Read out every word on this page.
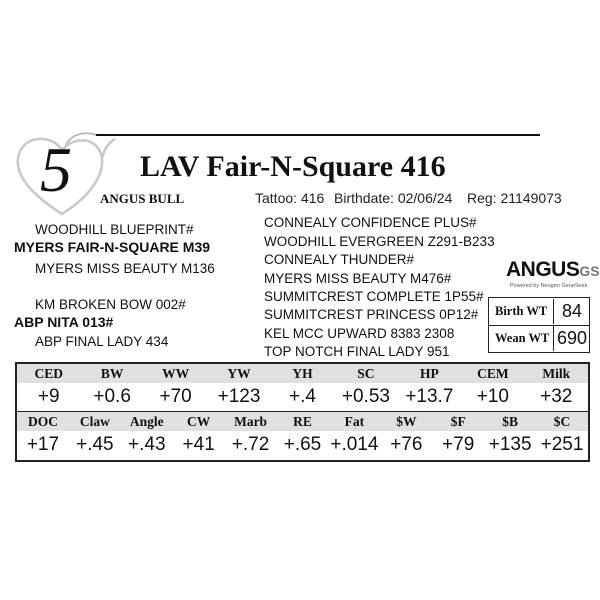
5	LAV Fair-N-Square 416
ANGUS BULL	Tattoo: 416 Birthdate: 02/06/24 Reg: 21149073
WOODHILL BLUEPRINT#
MYERS FAIR-N-SQUARE M39
MYERS MISS BEAUTY M136
KM BROKEN BOW 002#
ABP NITA 013#
ABP FINAL LADY 434
CONNEALY CONFIDENCE PLUS#
WOODHILL EVERGREEN Z291-B233
CONNEALY THUNDER#
MYERS MISS BEAUTY M476#
SUMMITCREST COMPLETE 1P55#
SUMMITCREST PRINCESS 0P12#
KEL MCC UPWARD 8383 2308
TOP NOTCH FINAL LADY 951
ANGUSGS
Powered by Neogen GeneSeek
Birth WT 84
Wean WT 690
CED
+9
BW
+0.6
WW
+70
YW
+123
YH
+.4
SC
+0.53
HP
+13.7
CEM
+10
Milk
+32
DOC
+17
Claw
+.45
Angle
+.43
CW
+41
Marb
+.72
RE
+.65
Fat
+.014
$W
+76
$F
+79
$B
+135
$C
+251
